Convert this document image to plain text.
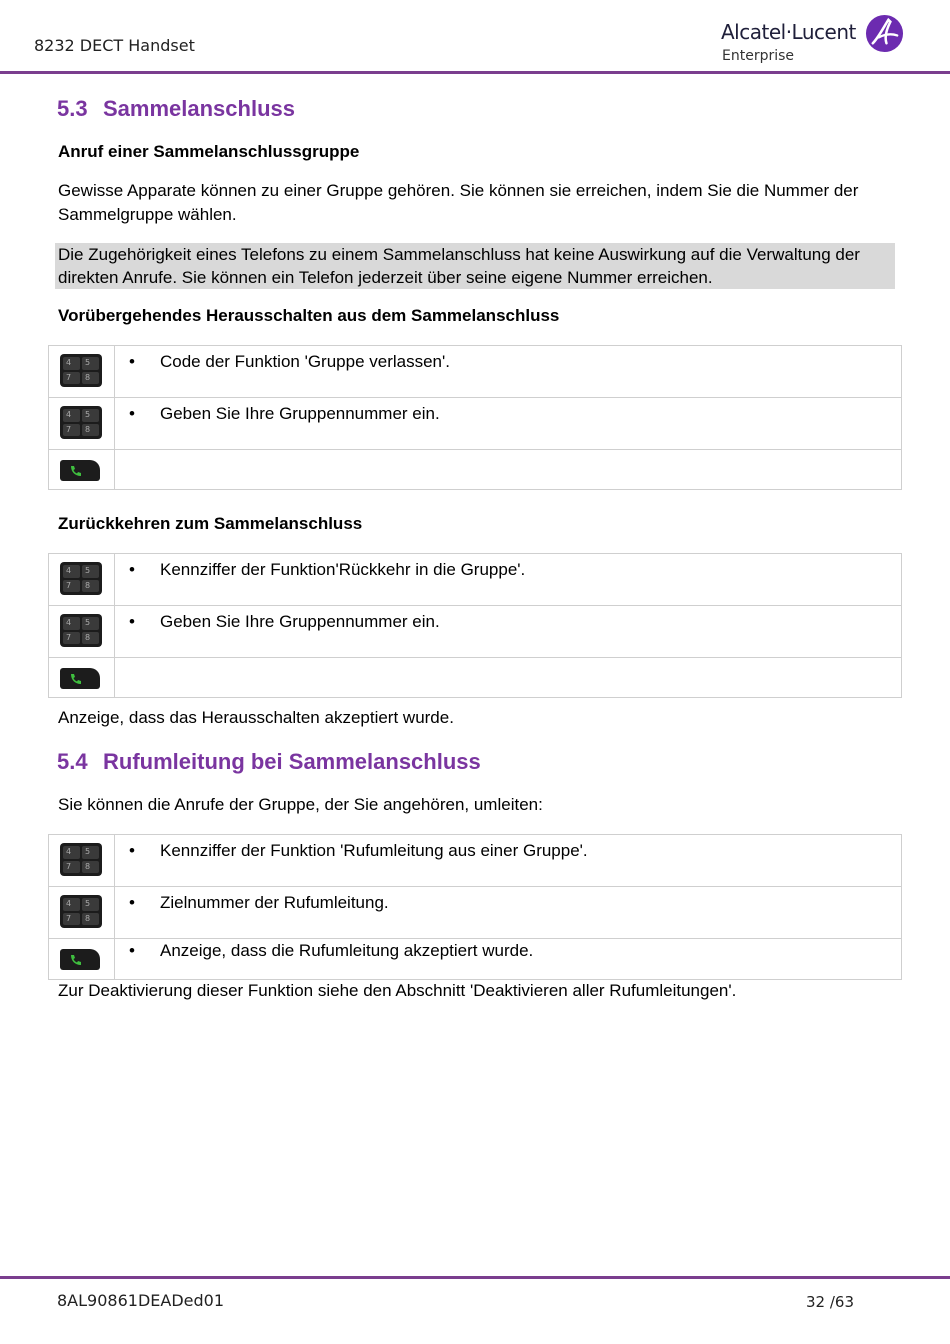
8232 DECT Handset
Alcatel·Lucent
Enterprise
5.3 Sammelanschluss
Anruf einer Sammelanschlussgruppe
Gewisse Apparate können zu einer Gruppe gehören. Sie können sie erreichen, indem Sie die Nummer der
Sammelgruppe wählen.
Die Zugehörigkeit eines Telefons zu einem Sammelanschluss hat keine Auswirkung auf die Verwaltung der
direkten Anrufe. Sie können ein Telefon jederzeit über seine eigene Nummer erreichen.
Vorübergehendes Herausschalten aus dem Sammelanschluss
4 5
7 8	• Code der Funktion 'Gruppe verlassen'.

4 5
7 8	• Geben Sie Ihre Gruppennummer ein.

Zurückkehren zum Sammelanschluss
4 5
7 8	• Kennziffer der Funktion'Rückkehr in die Gruppe'.

4 5
7 8	• Geben Sie Ihre Gruppennummer ein.

Anzeige, dass das Herausschalten akzeptiert wurde.
5.4 Rufumleitung bei Sammelanschluss
Sie können die Anrufe der Gruppe, der Sie angehören, umleiten:
4 5
7 8	• Kennziffer der Funktion 'Rufumleitung aus einer Gruppe'.

4 5
7 8	• Zielnummer der Rufumleitung.

	• Anzeige, dass die Rufumleitung akzeptiert wurde.
Zur Deaktivierung dieser Funktion siehe den Abschnitt 'Deaktivieren aller Rufumleitungen'.
8AL90861DEADed01	32 /63
